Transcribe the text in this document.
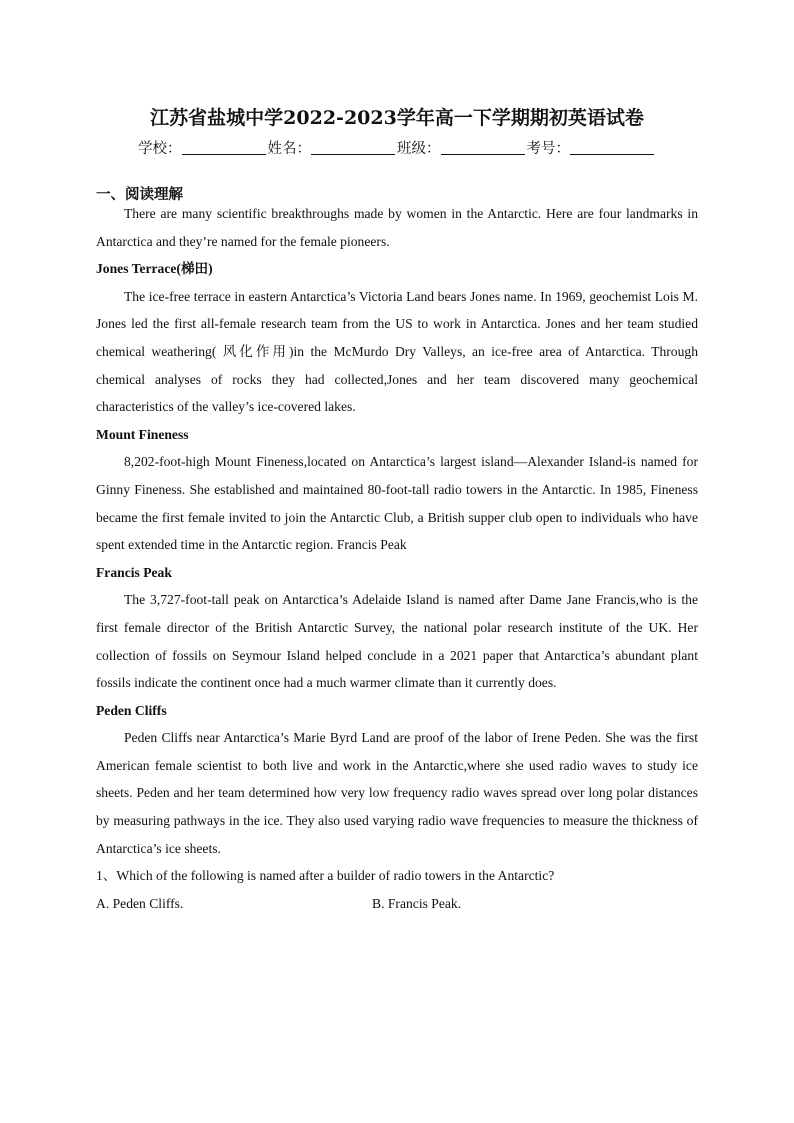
江苏省盐城中学2022-2023学年高一下学期期初英语试卷
学校：	姓名：	班级：	考号：
一、阅读理解

There are many scientific breakthroughs made by women in the Antarctic. Here are four landmarks in Antarctica and they’re named for the female pioneers.

Jones Terrace(梯田)

The ice-free terrace in eastern Antarctica’s Victoria Land bears Jones name. In 1969, geochemist Lois M. Jones led the first all-female research team from the US to work in Antarctica. Jones and her team studied chemical weathering( 风化作用)in the McMurdo Dry Valleys, an ice-free area of Antarctica. Through chemical analyses of rocks they had collected,Jones and her team discovered many geochemical characteristics of the valley’s ice-covered lakes.

Mount Fineness

8,202-foot-high Mount Fineness,located on Antarctica’s largest island—Alexander Island-is named for Ginny Fineness. She established and maintained 80-foot-tall radio towers in the Antarctic. In 1985, Fineness became the first female invited to join the Antarctic Club, a British supper club open to individuals who have spent extended time in the Antarctic region. Francis Peak

Francis Peak

The 3,727-foot-tall peak on Antarctica’s Adelaide Island is named after Dame Jane Francis,who is the first female director of the British Antarctic Survey, the national polar research institute of the UK. Her collection of fossils on Seymour Island helped conclude in a 2021 paper that Antarctica’s abundant plant fossils indicate the continent once had a much warmer climate than it currently does.

Peden Cliffs

Peden Cliffs near Antarctica’s Marie Byrd Land are proof of the labor of Irene Peden. She was the first American female scientist to both live and work in the Antarctic,where she used radio waves to study ice sheets. Peden and her team determined how very low frequency radio waves spread over long polar distances by measuring pathways in the ice. They also used varying radio wave frequencies to measure the thickness of Antarctica’s ice sheets.

1、Which of the following is named after a builder of radio towers in the Antarctic?

A. Peden Cliffs.	B. Francis Peak.
